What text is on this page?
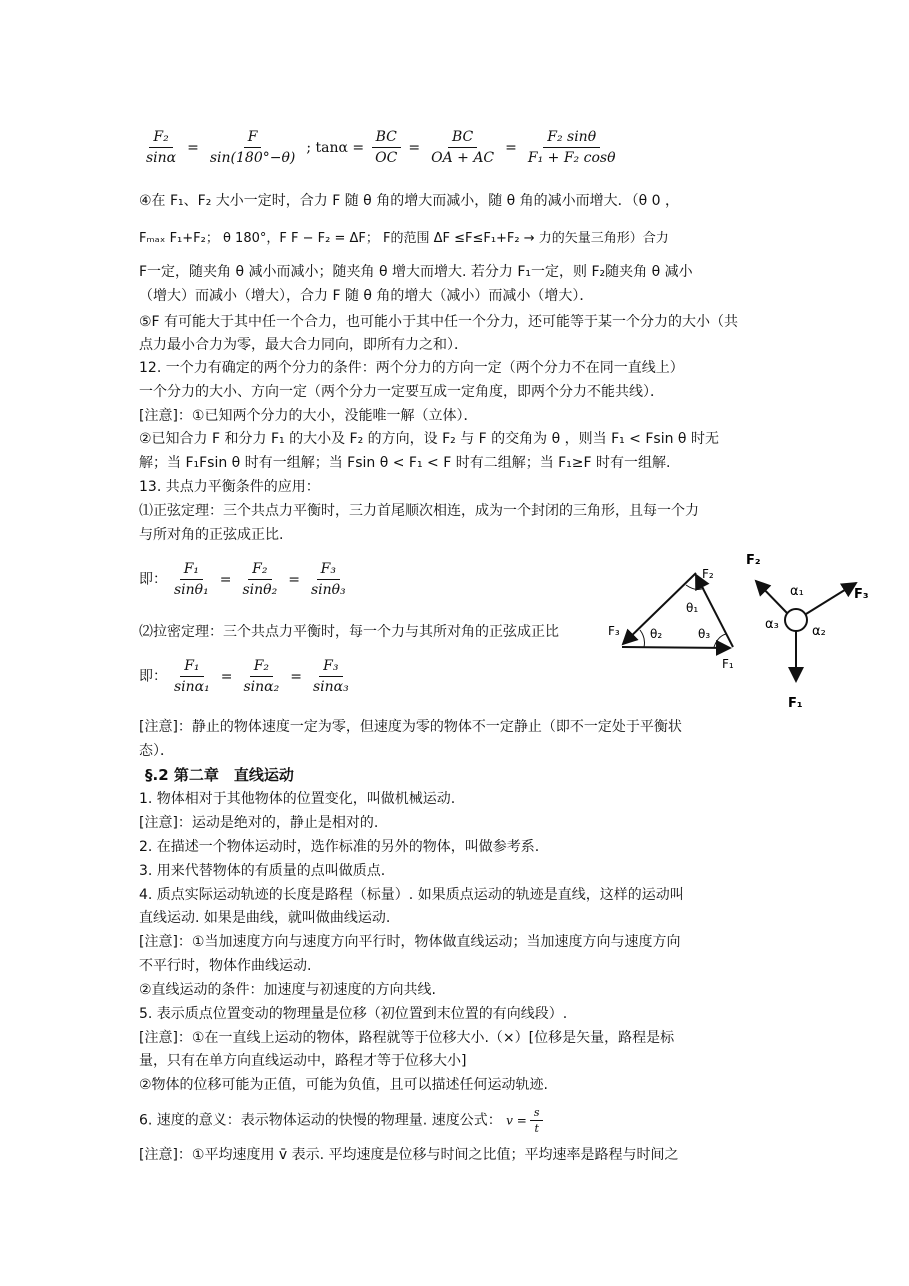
$\frac{\text{F₂}}{\sin\alpha} = \frac{F}{\sin(180^\circ-\theta)}$ ; $\tan\alpha = \frac{BC}{OC} = \frac{BC}{OA + AC} = \frac{\text{F₂ sinθ}}{\text{F₁ + F₂ cosθ}}$
④在 F₁、F₂ 大小一定时，合力 F 随 θ 角的增大而减小，随 θ 角的减小而增大．（θ 0 ，
Fₘₐₓ F₁+F₂； θ 180°，F F − F₂ = ΔF； F的范围 ΔF ≤F≤F₁+F₂ → 力的矢量三角形）合力
F一定，随夹角 θ 减小而减小；随夹角 θ 增大而增大. 若分力 F₁一定，则 F₂随夹角 θ 减小
（增大）而减小（增大），合力 F 随 θ 角的增大（减小）而减小（增大）．
⑤F 有可能大于其中任一个合力，也可能小于其中任一个分力，还可能等于某一个分力的大小（共
点力最小合力为零，最大合力同向，即所有力之和）．
12. 一个力有确定的两个分力的条件：两个分力的方向一定（两个分力不在同一直线上）
一个分力的大小、方向一定（两个分力一定要互成一定角度，即两个分力不能共线）．
[注意]：①已知两个分力的大小，没能唯一解（立体）．
②已知合力 F 和分力 F₁ 的大小及 F₂ 的方向，设 F₂ 与 F 的交角为 θ ，则当 F₁ < Fsin θ 时无
解；当 F₁Fsin θ 时有一组解；当 Fsin θ < F₁ < F 时有二组解；当 F₁≥F 时有一组解.
13. 共点力平衡条件的应用：
⑴正弦定理：三个共点力平衡时，三力首尾顺次相连，成为一个封闭的三角形，且每一个力
与所对角的正弦成正比.
即： $\frac{\text{F₁}}{\text{sinθ₁}} = \frac{\text{F₂}}{\text{sinθ₂}} = \frac{\text{F₃}}{\text{sinθ₃}}$
⑵拉密定理：三个共点力平衡时，每一个力与其所对角的正弦成正比
即： $\frac{\text{F₁}}{\text{sinα₁}} = \frac{\text{F₂}}{\text{sinα₂}} = \frac{\text{F₃}}{\text{sinα₃}}$
[注意]：静止的物体速度一定为零，但速度为零的物体不一定静止（即不一定处于平衡状
态）．
§.2 第二章　直线运动
1. 物体相对于其他物体的位置变化，叫做机械运动.
[注意]：运动是绝对的，静止是相对的.
2. 在描述一个物体运动时，选作标准的另外的物体，叫做参考系.
3. 用来代替物体的有质量的点叫做质点.
4. 质点实际运动轨迹的长度是路程（标量）. 如果质点运动的轨迹是直线，这样的运动叫
直线运动. 如果是曲线，就叫做曲线运动.
[注意]：①当加速度方向与速度方向平行时，物体做直线运动；当加速度方向与速度方向
不平行时，物体作曲线运动.
②直线运动的条件：加速度与初速度的方向共线.
5. 表示质点位置变动的物理量是位移（初位置到末位置的有向线段）.
[注意]：①在一直线上运动的物体，路程就等于位移大小.（×）[位移是矢量，路程是标
量，只有在单方向直线运动中，路程才等于位移大小]
②物体的位移可能为正值，可能为负值，且可以描述任何运动轨迹.
6. 速度的意义：表示物体运动的快慢的物理量. 速度公式： $v = \frac{s}{t}$
[注意]：①平均速度用 v̄ 表示. 平均速度是位移与时间之比值；平均速率是路程与时间之
F₂
θ₁
θ₂	θ₃
F₁
F₃
F₂
F₃
F₁
α₁
α₂
α₃
